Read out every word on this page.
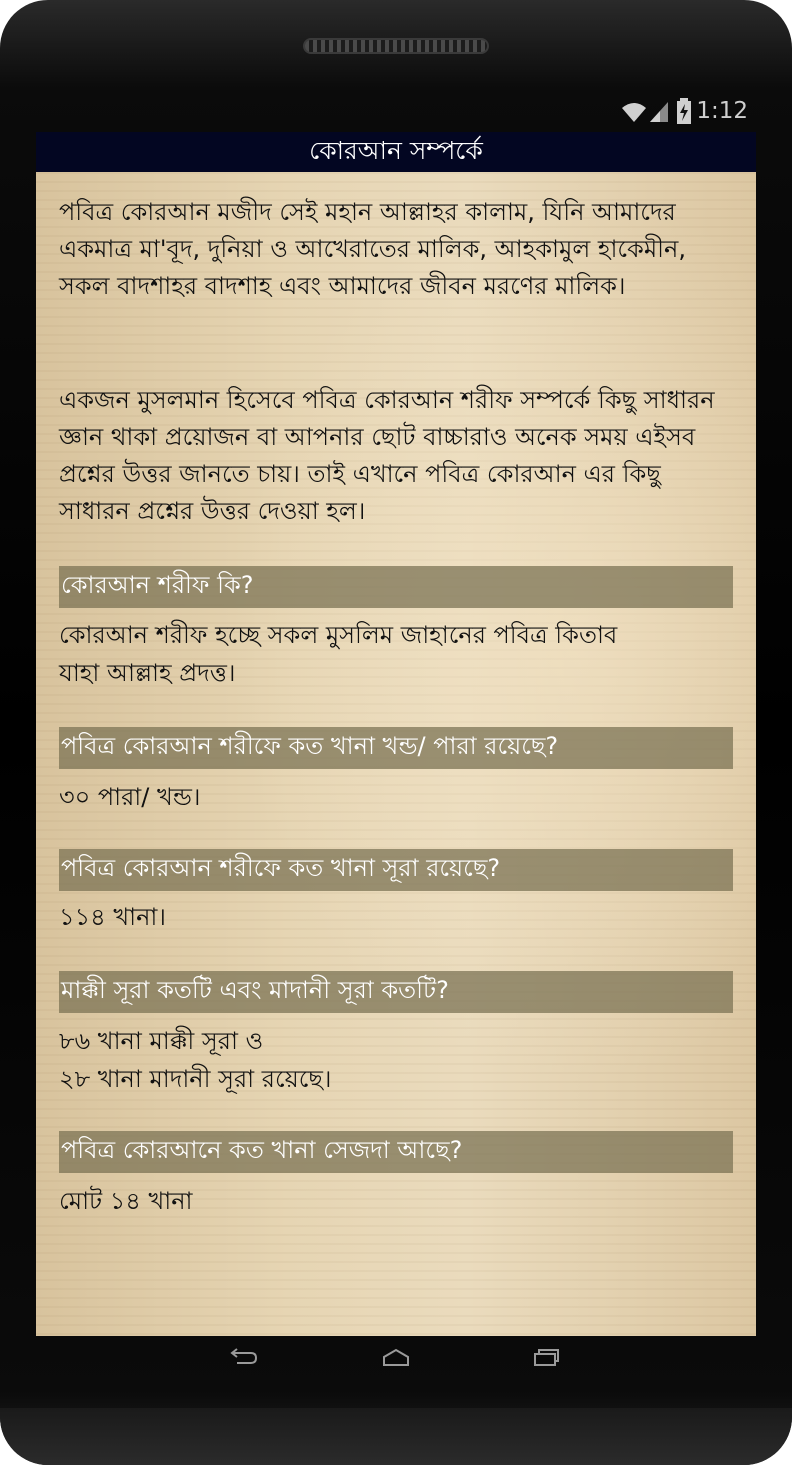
1:12
কোরআন সম্পর্কে

পবিত্র কোরআন মজীদ সেই মহান আল্লাহর কালাম, যিনি আমাদের একমাত্র মা'বূদ, দুনিয়া ও আখেরাতের মালিক, আহকামুল হাকেমীন, সকল বাদশাহর বাদশাহ এবং আমাদের জীবন মরণের মালিক।

একজন মুসলমান হিসেবে পবিত্র কোরআন শরীফ সম্পর্কে কিছু সাধারন জ্ঞান থাকা প্রয়োজন বা আপনার ছোট বাচ্চারাও অনেক সময় এইসব প্রশ্নের উত্তর জানতে চায়। তাই এখানে পবিত্র কোরআন এর কিছু সাধারন প্রশ্নের উত্তর দেওয়া হল।

কোরআন শরীফ কি?

কোরআন শরীফ হচ্ছে সকল মুসলিম জাহানের পবিত্র কিতাব
যাহা আল্লাহ প্রদত্ত।

পবিত্র কোরআন শরীফে কত খানা খন্ড/ পারা রয়েছে?

৩০ পারা/ খন্ড।

পবিত্র কোরআন শরীফে কত খানা সূরা রয়েছে?

১১৪ খানা।

মাক্কী সূরা কতটি এবং মাদানী সূরা কতটি?

৮৬ খানা মাক্কী সূরা ও
২৮ খানা মাদানী সূরা রয়েছে।

পবিত্র কোরআনে কত খানা সেজদা আছে?

মোট ১৪ খানা
